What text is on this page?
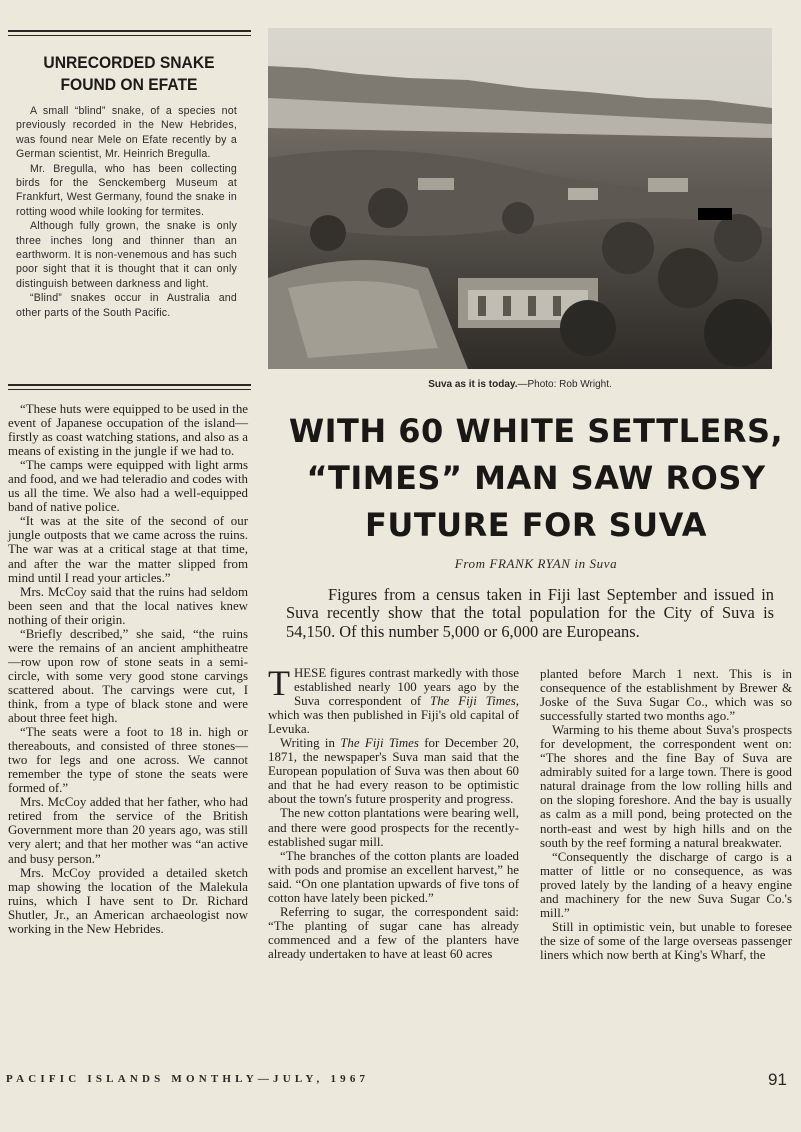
UNRECORDED SNAKE FOUND ON EFATE

A small “blind” snake, of a species not previously recorded in the New Hebrides, was found near Mele on Efate recently by a German scientist, Mr. Heinrich Bregulla.

Mr. Bregulla, who has been collecting birds for the Senckemberg Museum at Frankfurt, West Germany, found the snake in rotting wood while looking for termites.

Although fully grown, the snake is only three inches long and thinner than an earthworm. It is non-venemous and has such poor sight that it is thought that it can only distinguish between darkness and light.

“Blind” snakes occur in Australia and other parts of the South Pacific.

“These huts were equipped to be used in the event of Japanese occupation of the island—firstly as coast watching stations, and also as a means of existing in the jungle if we had to.

“The camps were equipped with light arms and food, and we had teleradio and codes with us all the time. We also had a well-equipped band of native police.

“It was at the site of the second of our jungle outposts that we came across the ruins. The war was at a critical stage at that time, and after the war the matter slipped from mind until I read your articles.”

Mrs. McCoy said that the ruins had seldom been seen and that the local natives knew nothing of their origin.

“Briefly described,” she said, “the ruins were the remains of an ancient amphitheatre—row upon row of stone seats in a semi-circle, with some very good stone carvings scattered about. The carvings were cut, I think, from a type of black stone and were about three feet high.

“The seats were a foot to 18 in. high or thereabouts, and consisted of three stones—two for legs and one across. We cannot remember the type of stone the seats were formed of.”

Mrs. McCoy added that her father, who had retired from the service of the British Government more than 20 years ago, was still very alert; and that her mother was “an active and busy person.”

Mrs. McCoy provided a detailed sketch map showing the location of the Malekula ruins, which I have sent to Dr. Richard Shutler, Jr., an American archaeologist now working in the New Hebrides.

Suva as it is today.—Photo: Rob Wright.
WITH 60 WHITE SETTLERS,
“TIMES” MAN SAW ROSY
FUTURE FOR SUVA
From FRANK RYAN in Suva

Figures from a census taken in Fiji last September and issued in Suva recently show that the total population for the City of Suva is 54,150. Of this number 5,000 or 6,000 are Europeans.

THESE figures contrast markedly with those established nearly 100 years ago by the Suva correspondent of The Fiji Times, which was then published in Fiji's old capital of Levuka.

Writing in The Fiji Times for December 20, 1871, the newspaper's Suva man said that the European population of Suva was then about 60 and that he had every reason to be optimistic about the town's future prosperity and progress.

The new cotton plantations were bearing well, and there were good prospects for the recently-established sugar mill.

“The branches of the cotton plants are loaded with pods and promise an excellent harvest,” he said. “On one plantation upwards of five tons of cotton have lately been picked.”

Referring to sugar, the correspondent said: “The planting of sugar cane has already commenced and a few of the planters have already undertaken to have at least 60 acres

planted before March 1 next. This is in consequence of the establishment by Brewer & Joske of the Suva Sugar Co., which was so successfully started two months ago.”

Warming to his theme about Suva's prospects for development, the correspondent went on: “The shores and the fine Bay of Suva are admirably suited for a large town. There is good natural drainage from the low rolling hills and on the sloping foreshore. And the bay is usually as calm as a mill pond, being protected on the north-east and west by high hills and on the south by the reef forming a natural breakwater.

“Consequently the discharge of cargo is a matter of little or no consequence, as was proved lately by the landing of a heavy engine and machinery for the new Suva Sugar Co.'s mill.”

Still in optimistic vein, but unable to foresee the size of some of the large overseas passenger liners which now berth at King's Wharf, the

PACIFIC ISLANDS MONTHLY—JULY, 1967	91
